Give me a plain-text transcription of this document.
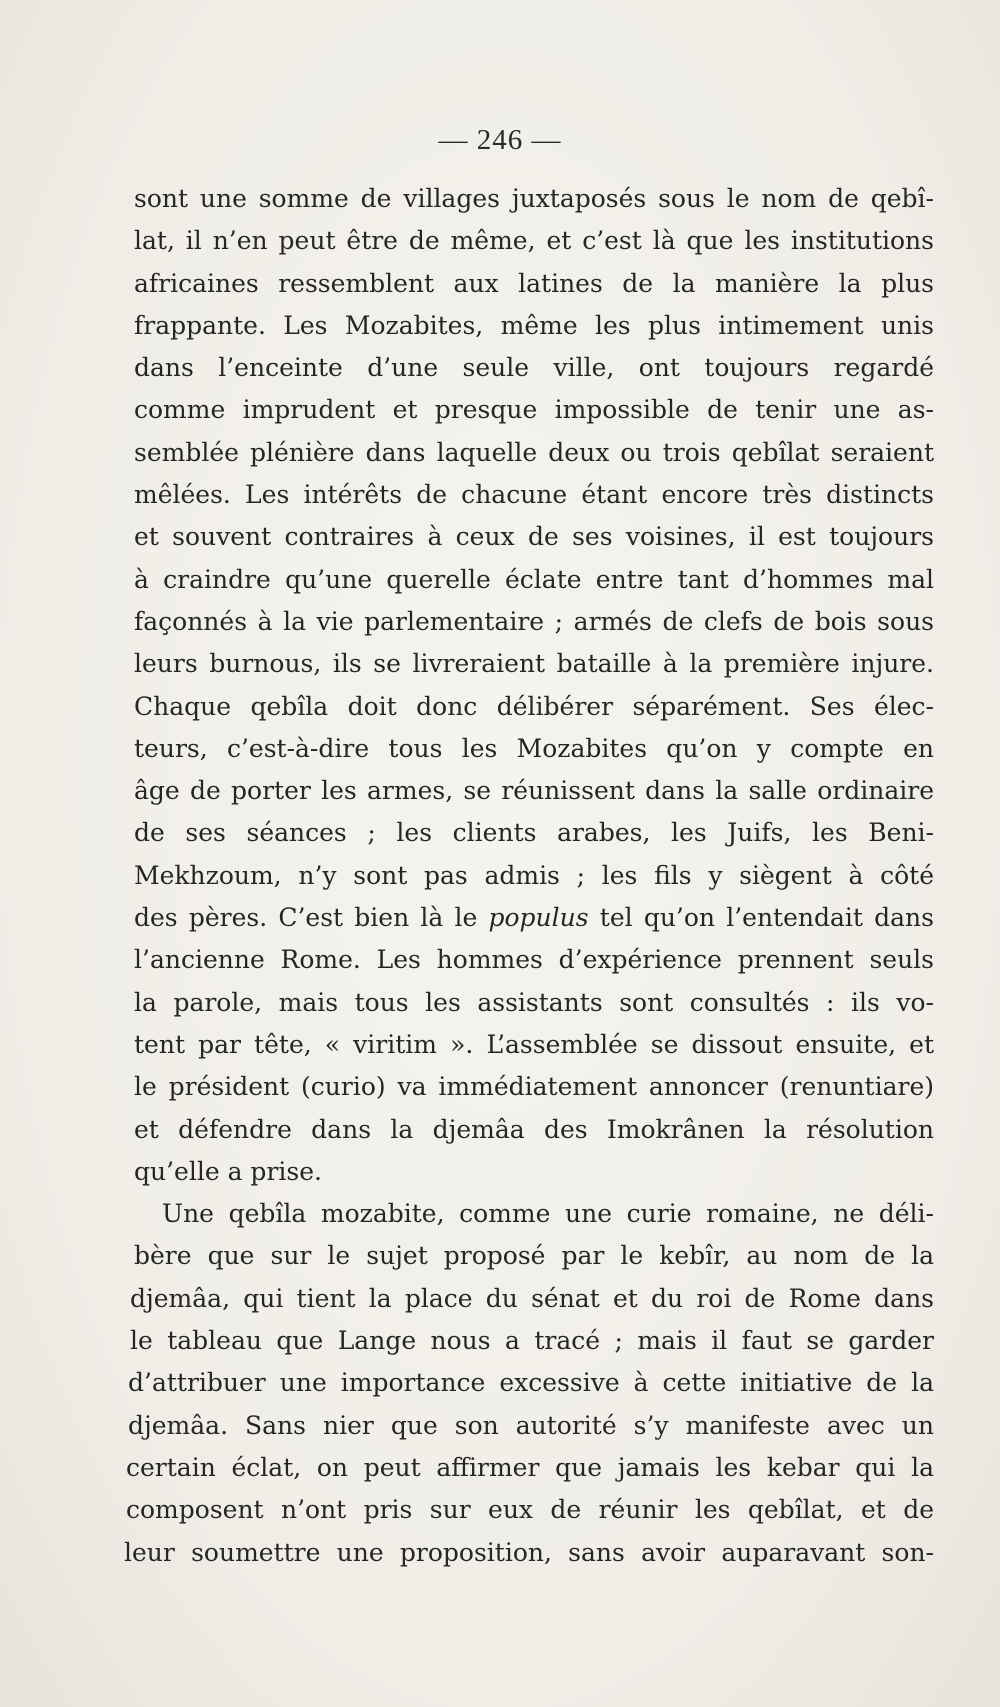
— 246 —
sont une somme de villages juxtaposés sous le nom de qebî-
lat, il n’en peut être de même, et c’est là que les institutions
africaines ressemblent aux latines de la manière la plus
frappante. Les Mozabites, même les plus intimement unis
dans l’enceinte d’une seule ville, ont toujours regardé
comme imprudent et presque impossible de tenir une as-
semblée plénière dans laquelle deux ou trois qebîlat seraient
mêlées. Les intérêts de chacune étant encore très distincts
et souvent contraires à ceux de ses voisines, il est toujours
à craindre qu’une querelle éclate entre tant d’hommes mal
façonnés à la vie parlementaire ; armés de clefs de bois sous
leurs burnous, ils se livreraient bataille à la première injure.
Chaque qebîla doit donc délibérer séparément. Ses élec-
teurs, c’est-à-dire tous les Mozabites qu’on y compte en
âge de porter les armes, se réunissent dans la salle ordinaire
de ses séances ; les clients arabes, les Juifs, les Beni-
Mekhzoum, n’y sont pas admis ; les fils y siègent à côté
des pères. C’est bien là le populus tel qu’on l’entendait dans
l’ancienne Rome. Les hommes d’expérience prennent seuls
la parole, mais tous les assistants sont consultés : ils vo-
tent par tête, « viritim ». L’assemblée se dissout ensuite, et
le président (curio) va immédiatement annoncer (renuntiare)
et défendre dans la djemâa des Imokrânen la résolution
qu’elle a prise.
Une qebîla mozabite, comme une curie romaine, ne déli-
bère que sur le sujet proposé par le kebîr, au nom de la
djemâa, qui tient la place du sénat et du roi de Rome dans
le tableau que Lange nous a tracé ; mais il faut se garder
d’attribuer une importance excessive à cette initiative de la
djemâa. Sans nier que son autorité s’y manifeste avec un
certain éclat, on peut affirmer que jamais les kebar qui la
composent n’ont pris sur eux de réunir les qebîlat, et de
leur soumettre une proposition, sans avoir auparavant son-
